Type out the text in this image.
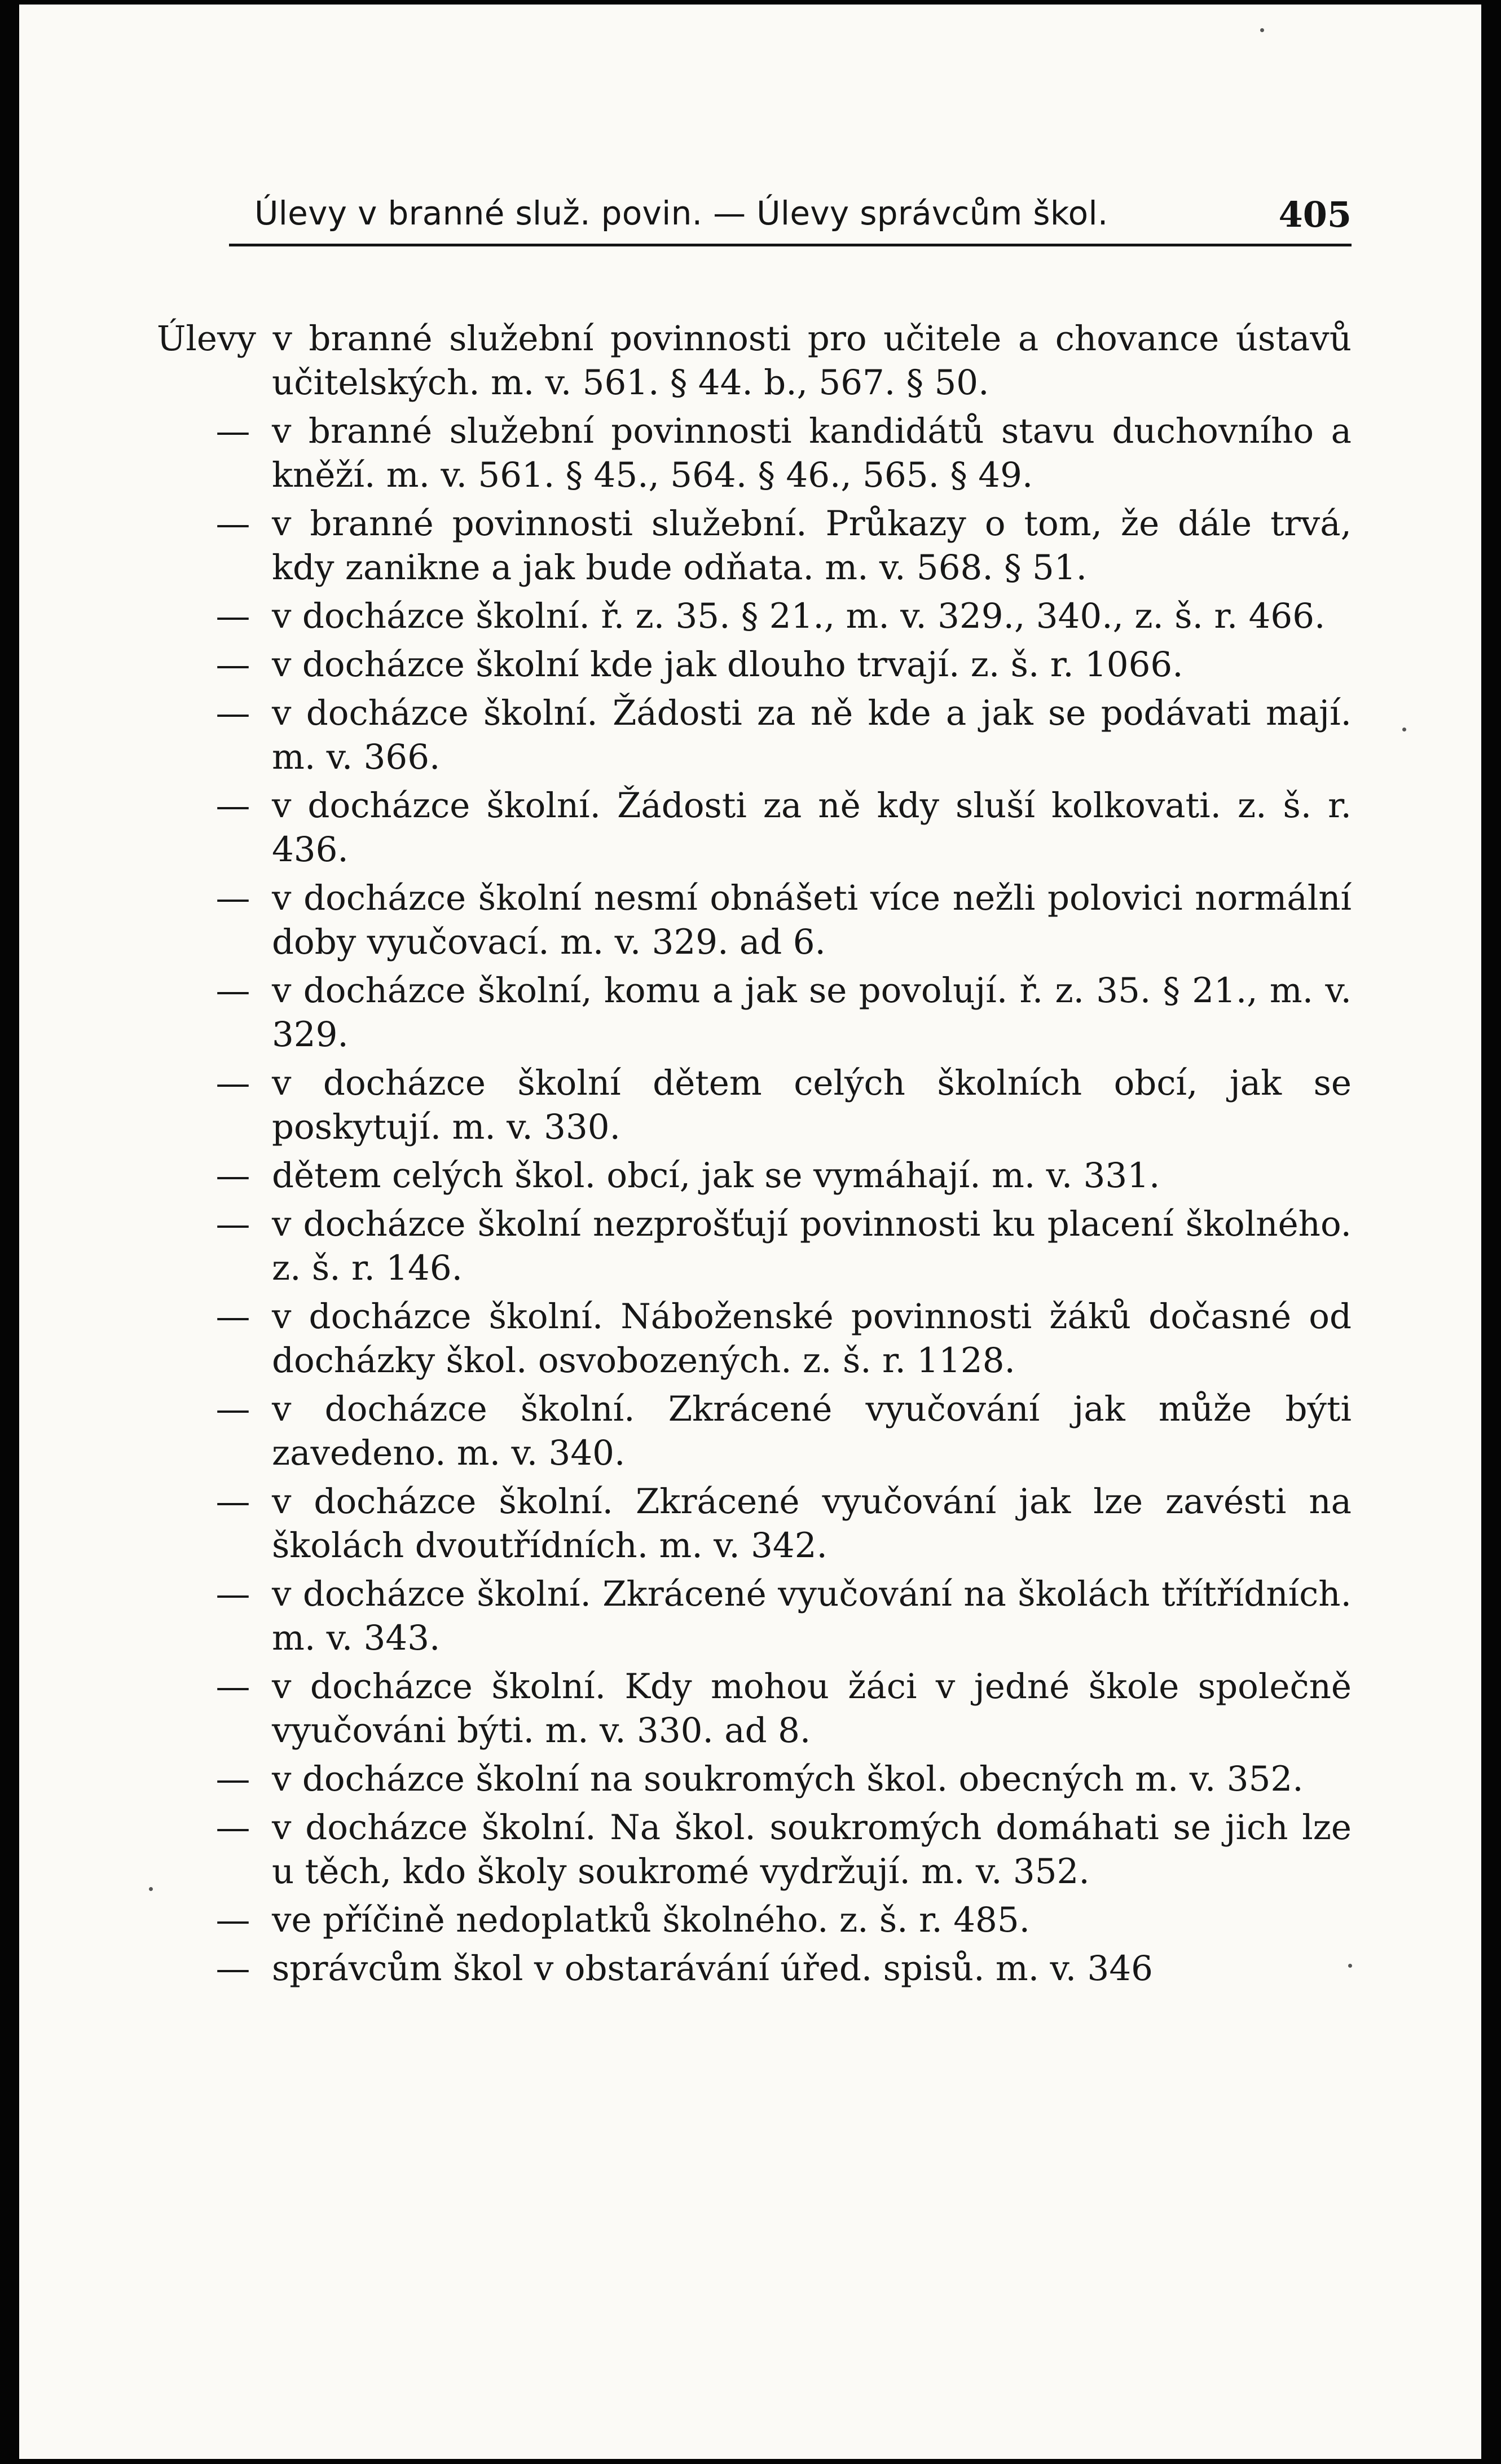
Úlevy v branné služ. povin. — Úlevy správcům škol.	405
Úlevy v branné služební povinnosti pro učitele a chovance ústavů učitelských. m. v. 561. § 44. b., 567. § 50.
— v branné služební povinnosti kandidátů stavu duchovního a kněží. m. v. 561. § 45., 564. § 46., 565. § 49.
— v branné povinnosti služební. Průkazy o tom, že dále trvá, kdy zanikne a jak bude odňata. m. v. 568. § 51.
— v docházce školní. ř. z. 35. § 21., m. v. 329., 340., z. š. r. 466.
— v docházce školní kde jak dlouho trvají. z. š. r. 1066.
— v docházce školní. Žádosti za ně kde a jak se podávati mají. m. v. 366.
— v docházce školní. Žádosti za ně kdy sluší kolkovati. z. š. r. 436.
— v docházce školní nesmí obnášeti více nežli polovici normální doby vyučovací. m. v. 329. ad 6.
— v docházce školní, komu a jak se povolují. ř. z. 35. § 21., m. v. 329.
— v docházce školní dětem celých školních obcí, jak se poskytují. m. v. 330.
— dětem celých škol. obcí, jak se vymáhají. m. v. 331.
— v docházce školní nezprošťují povinnosti ku placení školného. z. š. r. 146.
— v docházce školní. Náboženské povinnosti žáků dočasné od docházky škol. osvobozených. z. š. r. 1128.
— v docházce školní. Zkrácené vyučování jak může býti zavedeno. m. v. 340.
— v docházce školní. Zkrácené vyučování jak lze zavésti na školách dvoutřídních. m. v. 342.
— v docházce školní. Zkrácené vyučování na školách třítřídních. m. v. 343.
— v docházce školní. Kdy mohou žáci v jedné škole společně vyučováni býti. m. v. 330. ad 8.
— v docházce školní na soukromých škol. obecných m. v. 352.
— v docházce školní. Na škol. soukromých domáhati se jich lze u těch, kdo školy soukromé vydržují. m. v. 352.
— ve příčině nedoplatků školného. z. š. r. 485.
— správcům škol v obstarávání úřed. spisů. m. v. 346
